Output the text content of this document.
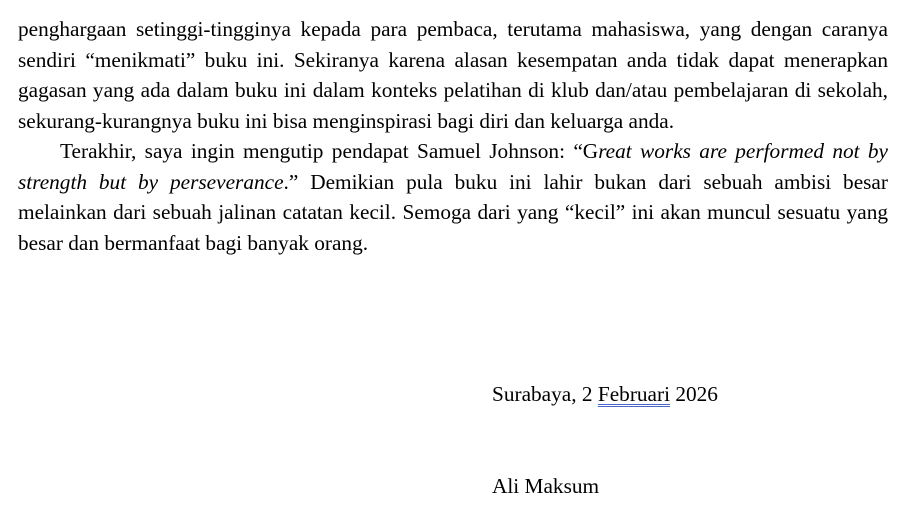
penghargaan setinggi-tingginya kepada para pembaca, terutama mahasiswa, yang dengan caranya sendiri “menikmati” buku ini. Sekiranya karena alasan kesempatan anda tidak dapat menerapkan gagasan yang ada dalam buku ini dalam konteks pelatihan di klub dan/atau pembelajaran di sekolah, sekurang-kurangnya buku ini bisa menginspirasi bagi diri dan keluarga anda.

Terakhir, saya ingin mengutip pendapat Samuel Johnson: “Great works are performed not by strength but by perseverance.” Demikian pula buku ini lahir bukan dari sebuah ambisi besar melainkan dari sebuah jalinan catatan kecil. Semoga dari yang “kecil” ini akan muncul sesuatu yang besar dan bermanfaat bagi banyak orang.

Surabaya, 2 Februari 2026
Ali Maksum
